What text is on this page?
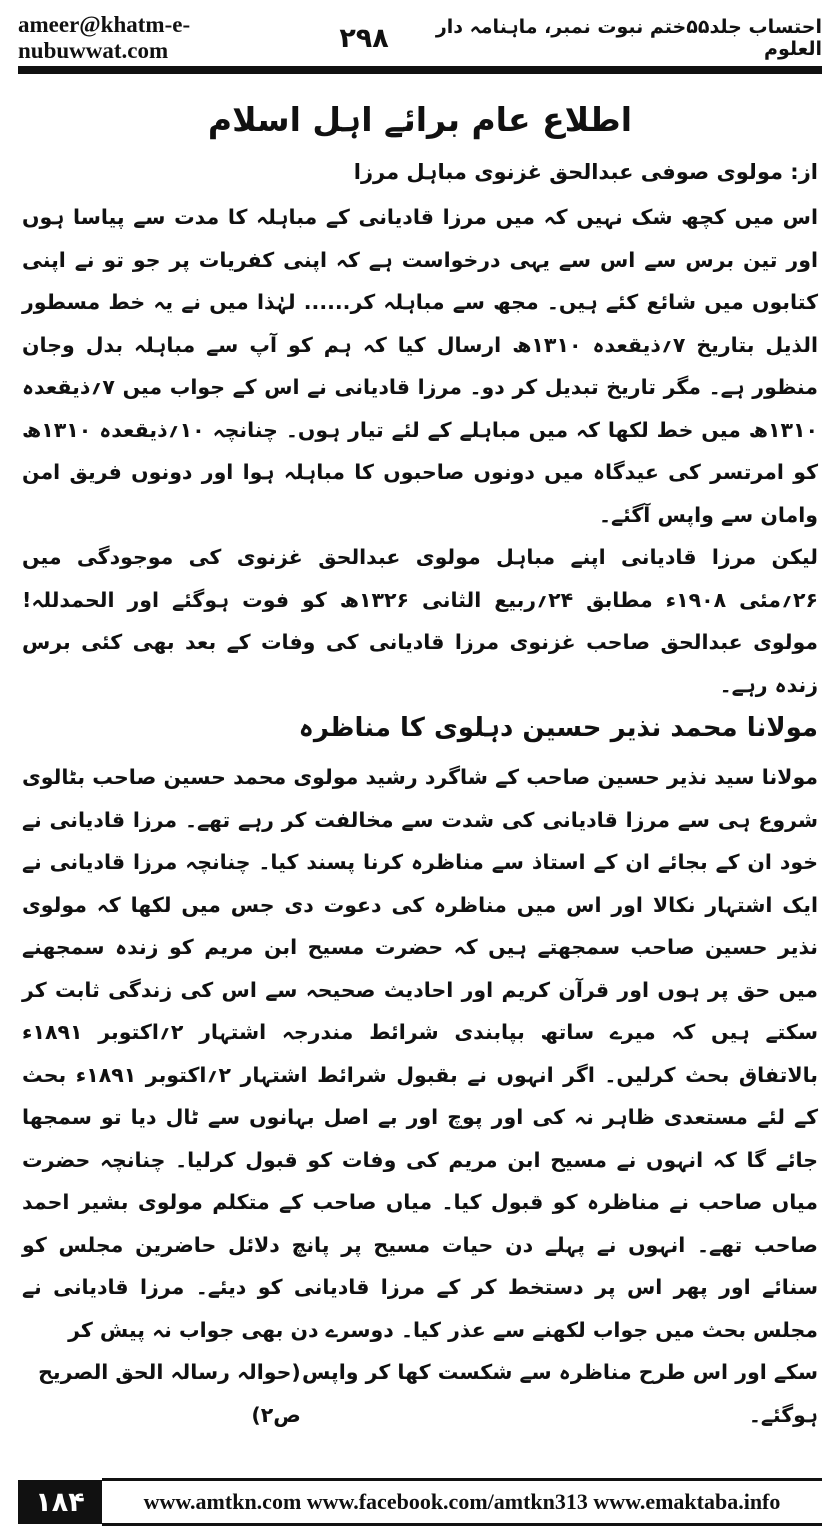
ameer@khatm-e-nubuwwat.com	۲۹۸	احتساب جلد۵۵ختم نبوت نمبر، ماہنامہ دار العلوم
اطلاع عام برائے اہل اسلام
از: مولوی صوفی عبدالحق غزنوی مباہل مرزا

اس میں کچھ شک نہیں کہ میں مرزا قادیانی کے مباہلہ کا مدت سے پیاسا ہوں اور تین برس سے اس سے یہی درخواست ہے کہ اپنی کفریات پر جو تو نے اپنی کتابوں میں شائع کئے ہیں۔ مجھ سے مباہلہ کر...... لہٰذا میں نے یہ خط مسطور الذیل بتاریخ ۷؍ذیقعدہ ۱۳۱۰ھ ارسال کیا کہ ہم کو آپ سے مباہلہ بدل وجان منظور ہے۔ مگر تاریخ تبدیل کر دو۔ مرزا قادیانی نے اس کے جواب میں ۷؍ذیقعدہ ۱۳۱۰ھ میں خط لکھا کہ میں مباہلے کے لئے تیار ہوں۔ چنانچہ ۱۰؍ذیقعدہ ۱۳۱۰ھ کو امرتسر کی عیدگاہ میں دونوں صاحبوں کا مباہلہ ہوا اور دونوں فریق امن وامان سے واپس آگئے۔

لیکن مرزا قادیانی اپنے مباہل مولوی عبدالحق غزنوی کی موجودگی میں ۲۶؍مئی ۱۹۰۸ء مطابق ۲۴؍ربیع الثانی ۱۳۲۶ھ کو فوت ہوگئے اور الحمدللہ! مولوی عبدالحق صاحب غزنوی مرزا قادیانی کی وفات کے بعد بھی کئی برس زندہ رہے۔

مولانا محمد نذیر حسین دہلوی کا مناظرہ

مولانا سید نذیر حسین صاحب کے شاگرد رشید مولوی محمد حسین صاحب بٹالوی شروع ہی سے مرزا قادیانی کی شدت سے مخالفت کر رہے تھے۔ مرزا قادیانی نے خود ان کے بجائے ان کے استاذ سے مناظرہ کرنا پسند کیا۔ چنانچہ مرزا قادیانی نے ایک اشتہار نکالا اور اس میں مناظرہ کی دعوت دی جس میں لکھا کہ مولوی نذیر حسین صاحب سمجھتے ہیں کہ حضرت مسیح ابن مریم کو زندہ سمجھنے میں حق پر ہوں اور قرآن کریم اور احادیث صحیحہ سے اس کی زندگی ثابت کر سکتے ہیں کہ میرے ساتھ بپابندی شرائط مندرجہ اشتہار ۲؍اکتوبر ۱۸۹۱ء بالاتفاق بحث کرلیں۔ اگر انہوں نے بقبول شرائط اشتہار ۲؍اکتوبر ۱۸۹۱ء بحث کے لئے مستعدی ظاہر نہ کی اور پوچ اور بے اصل بہانوں سے ٹال دیا تو سمجھا جائے گا کہ انہوں نے مسیح ابن مریم کی وفات کو قبول کرلیا۔ چنانچہ حضرت میاں صاحب نے مناظرہ کو قبول کیا۔ میاں صاحب کے متکلم مولوی بشیر احمد صاحب تھے۔ انہوں نے پہلے دن حیات مسیح پر پانچ دلائل حاضرین مجلس کو سنائے اور پھر اس پر دستخط کر کے مرزا قادیانی کو دیئے۔ مرزا قادیانی نے مجلس بحث میں جواب لکھنے سے عذر کیا۔ دوسرے دن بھی جواب نہ پیش کر

سکے اور اس طرح مناظرہ سے شکست کھا کر واپس ہوگئے۔
(حوالہ رسالہ الحق الصریح ص۲)
۱۸۴	www.amtkn.com www.facebook.com/amtkn313 www.emaktaba.info
